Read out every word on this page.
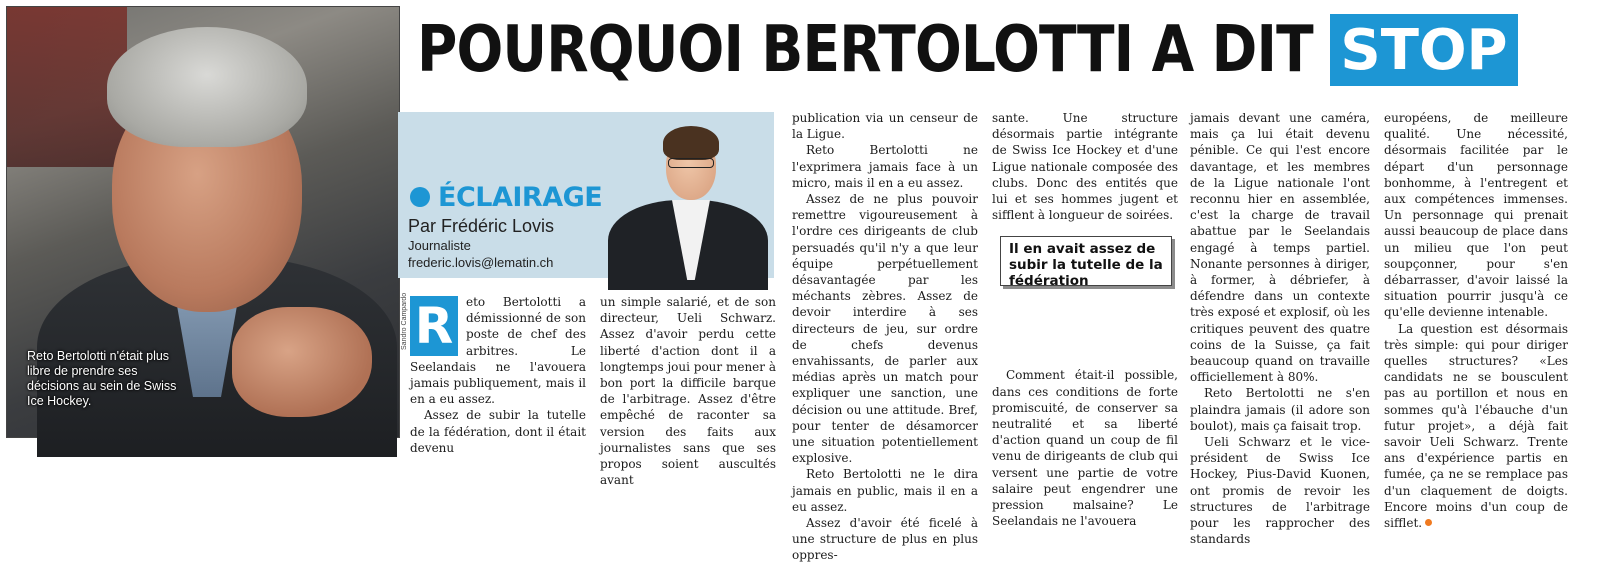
Reto Bertolotti n'était plus libre de prendre ses décisions au sein de Swiss Ice Hockey.
Sandro Campardo
POURQUOI BERTOLOTTI A DIT STOP
ÉCLAIRAGE
Par Frédéric Lovis
Journaliste
frederic.lovis@lematin.ch
R	eto Bertolotti a démissionné de son poste de chef des arbitres. Le Seelandais ne l'avouera jamais publiquement, mais il en a eu assez.

Assez de subir la tutelle de la fédération, dont il était devenu

un simple salarié, et de son directeur, Ueli Schwarz. Assez d'avoir perdu cette liberté d'action dont il a longtemps joui pour mener à bon port la difficile barque de l'arbitrage. Assez d'être empêché de raconter sa version des faits aux journalistes sans que ses propos soient auscultés avant

publication via un censeur de la Ligue.

Reto Bertolotti ne l'exprimera jamais face à un micro, mais il en a eu assez.

Assez de ne plus pouvoir remettre vigoureusement à l'ordre ces dirigeants de club persuadés qu'il n'y a que leur équipe perpétuellement désavantagée par les méchants zèbres. Assez de devoir interdire à ses directeurs de jeu, sur ordre de chefs devenus envahissants, de parler aux médias après un match pour expliquer une sanction, une décision ou une attitude. Bref, pour tenter de désamorcer une situation potentiellement explosive.

Reto Bertolotti ne le dira jamais en public, mais il en a eu assez.

Assez d'avoir été ficelé à une structure de plus en plus oppres-

sante. Une structure désormais partie intégrante de Swiss Ice Hockey et d'une Ligue nationale composée des clubs. Donc des entités que lui et ses hommes jugent et sifflent à longueur de soirées.

Comment était-il possible, dans ces conditions de forte promiscuité, de conserver sa neutralité et sa liberté d'action quand un coup de fil venu de dirigeants de club qui versent une partie de votre salaire peut engendrer une pression malsaine? Le Seelandais ne l'avouera

Il en avait assez de subir la tutelle de la fédération

jamais devant une caméra, mais ça lui était devenu pénible. Ce qui l'est encore davantage, et les membres de la Ligue nationale l'ont reconnu hier en assemblée, c'est la charge de travail abattue par le Seelandais engagé à temps partiel. Nonante personnes à diriger, à former, à débriefer, à défendre dans un contexte très exposé et explosif, où les critiques peuvent des quatre coins de la Suisse, ça fait beaucoup quand on travaille officiellement à 80%.

Reto Bertolotti ne s'en plaindra jamais (il adore son boulot), mais ça faisait trop.

Ueli Schwarz et le vice-président de Swiss Ice Hockey, Pius-David Kuonen, ont promis de revoir les structures de l'arbitrage pour les rapprocher des standards

européens, de meilleure qualité. Une nécessité, désormais facilitée par le départ d'un personnage bonhomme, à l'entregent et aux compétences immenses. Un personnage qui prenait aussi beaucoup de place dans un milieu que l'on peut soupçonner, pour s'en débarrasser, d'avoir laissé la situation pourrir jusqu'à ce qu'elle devienne intenable.

La question est désormais très simple: qui pour diriger quelles structures? «Les candidats ne se bousculent pas au portillon et nous en sommes qu'à l'ébauche d'un futur projet», a déjà fait savoir Ueli Schwarz. Trente ans d'expérience partis en fumée, ça ne se remplace pas d'un claquement de doigts. Encore moins d'un coup de sifflet.
